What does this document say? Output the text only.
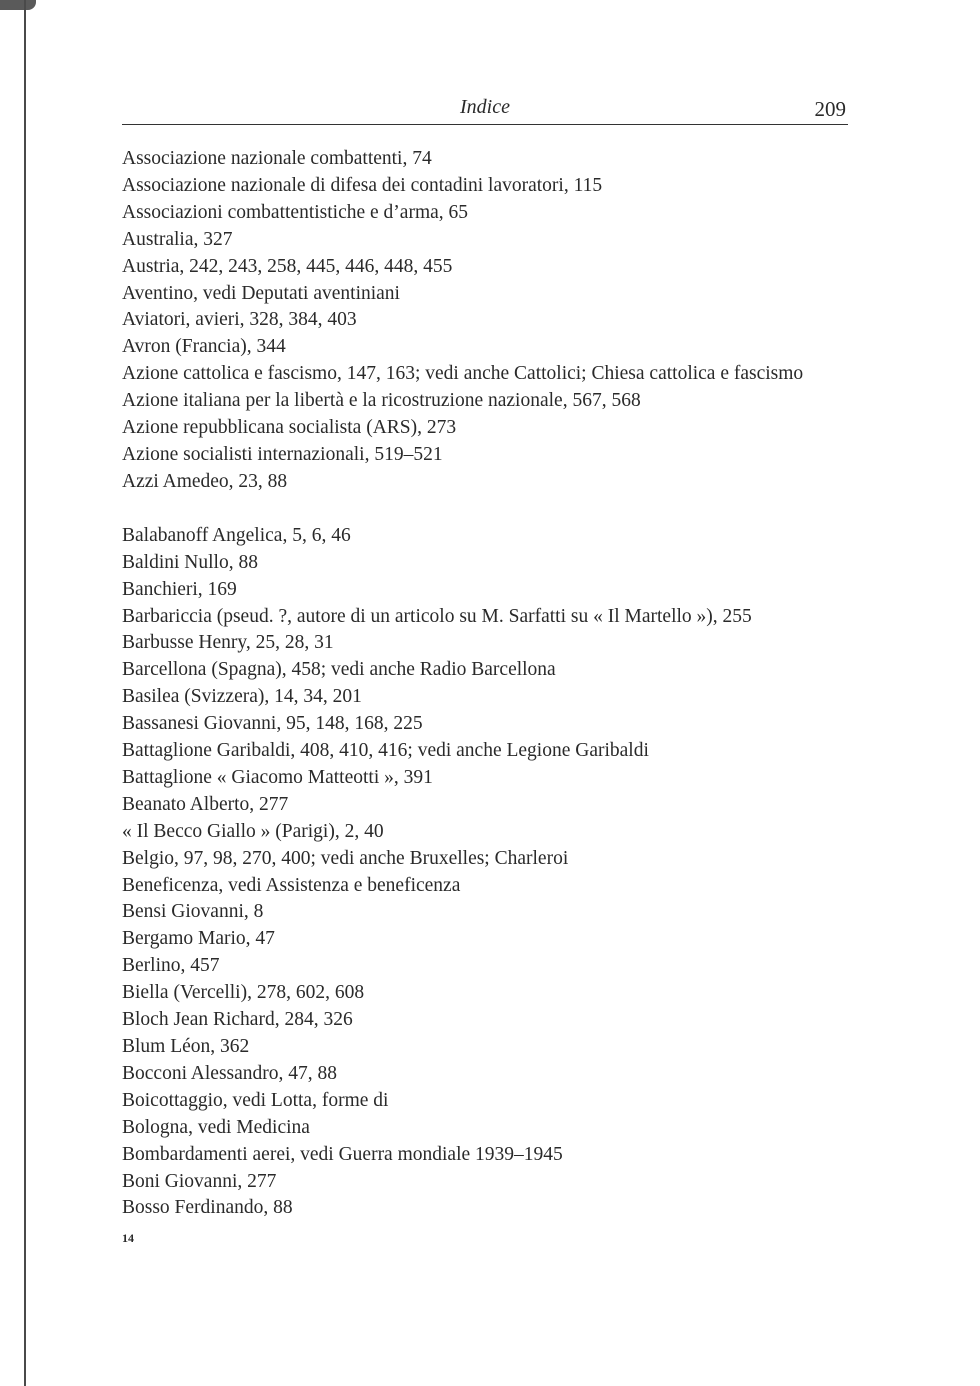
Indice	209
Associazione nazionale combattenti, 74
Associazione nazionale di difesa dei contadini lavoratori, 115
Associazioni combattentistiche e d’arma, 65
Australia, 327
Austria, 242, 243, 258, 445, 446, 448, 455
Aventino, vedi Deputati aventiniani
Aviatori, avieri, 328, 384, 403
Avron (Francia), 344
Azione cattolica e fascismo, 147, 163; vedi anche Cattolici; Chiesa cattolica e fascismo
Azione italiana per la libertà e la ricostruzione nazionale, 567, 568
Azione repubblicana socialista (ARS), 273
Azione socialisti internazionali, 519–521
Azzi Amedeo, 23, 88
Balabanoff Angelica, 5, 6, 46
Baldini Nullo, 88
Banchieri, 169
Barbariccia (pseud. ?, autore di un articolo su M. Sarfatti su « Il Martello »), 255
Barbusse Henry, 25, 28, 31
Barcellona (Spagna), 458; vedi anche Radio Barcellona
Basilea (Svizzera), 14, 34, 201
Bassanesi Giovanni, 95, 148, 168, 225
Battaglione Garibaldi, 408, 410, 416; vedi anche Legione Garibaldi
Battaglione « Giacomo Matteotti », 391
Beanato Alberto, 277
« Il Becco Giallo » (Parigi), 2, 40
Belgio, 97, 98, 270, 400; vedi anche Bruxelles; Charleroi
Beneficenza, vedi Assistenza e beneficenza
Bensi Giovanni, 8
Bergamo Mario, 47
Berlino, 457
Biella (Vercelli), 278, 602, 608
Bloch Jean Richard, 284, 326
Blum Léon, 362
Bocconi Alessandro, 47, 88
Boicottaggio, vedi Lotta, forme di
Bologna, vedi Medicina
Bombardamenti aerei, vedi Guerra mondiale 1939–1945
Boni Giovanni, 277
Bosso Ferdinando, 88
14
